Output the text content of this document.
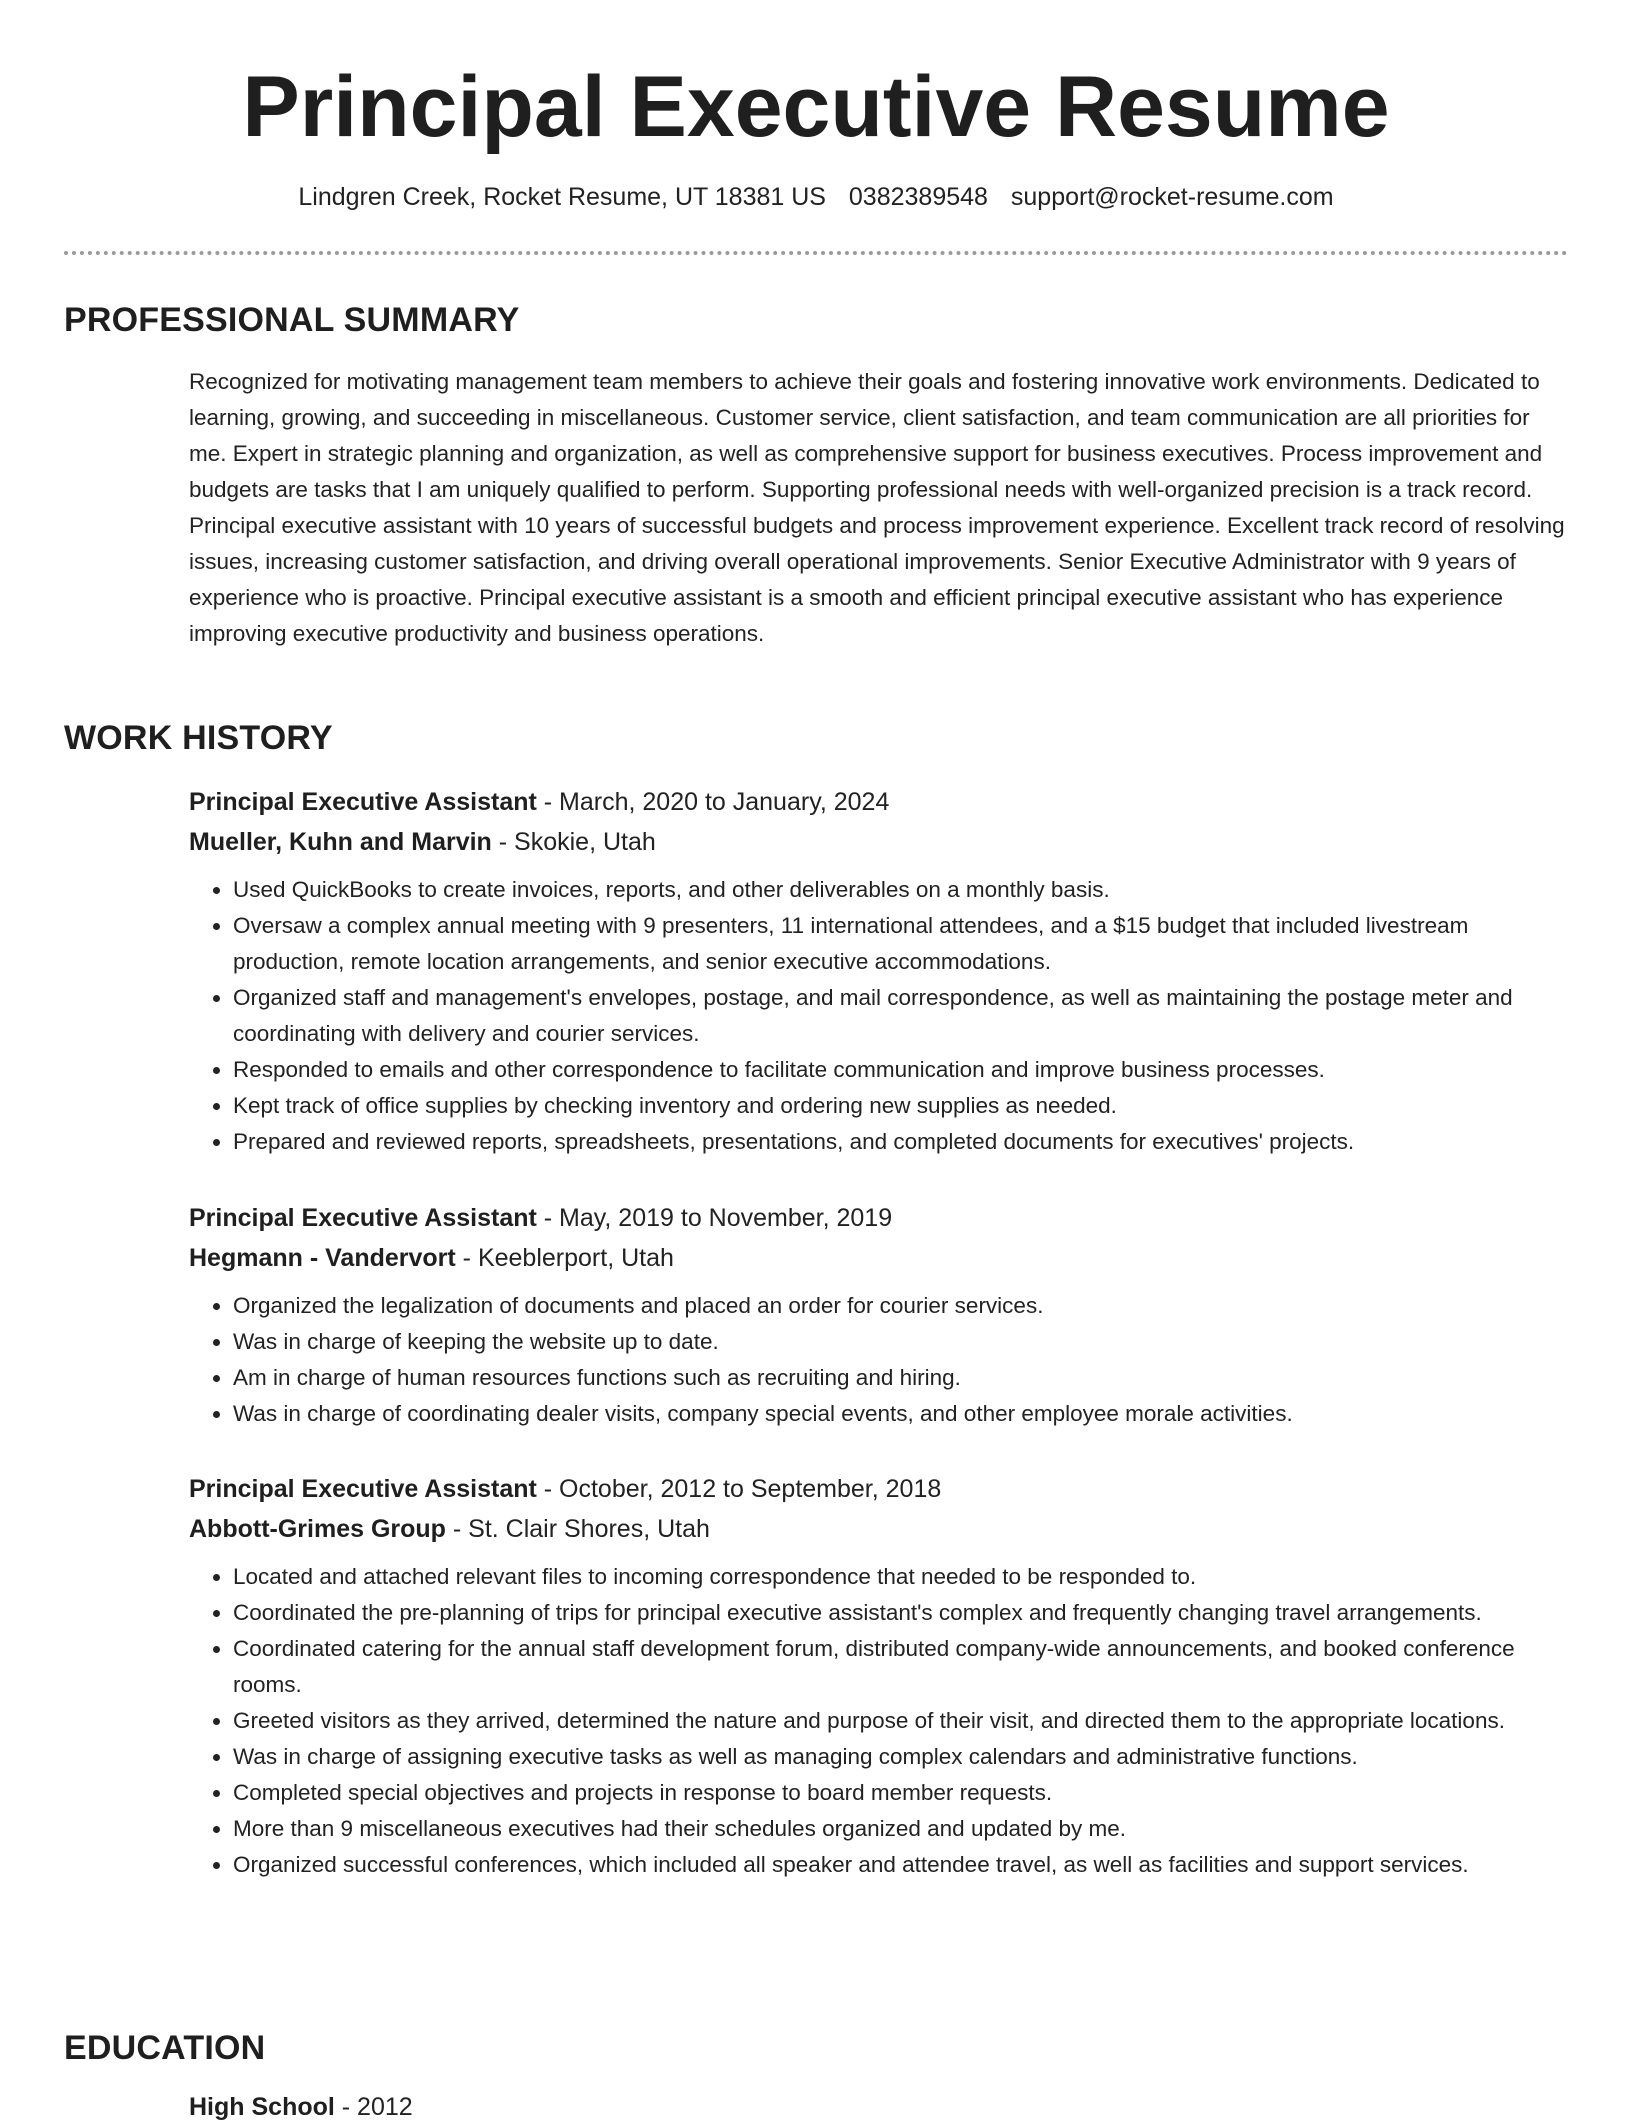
Principal Executive Resume
Lindgren Creek, Rocket Resume, UT 18381 US 0382389548 support@rocket-resume.com
PROFESSIONAL SUMMARY

Recognized for motivating management team members to achieve their goals and fostering innovative work environments. Dedicated to learning, growing, and succeeding in miscellaneous. Customer service, client satisfaction, and team communication are all priorities for me. Expert in strategic planning and organization, as well as comprehensive support for business executives. Process improvement and budgets are tasks that I am uniquely qualified to perform. Supporting professional needs with well-organized precision is a track record. Principal executive assistant with 10 years of successful budgets and process improvement experience. Excellent track record of resolving issues, increasing customer satisfaction, and driving overall operational improvements. Senior Executive Administrator with 9 years of experience who is proactive. Principal executive assistant is a smooth and efficient principal executive assistant who has experience improving executive productivity and business operations.

WORK HISTORY

Principal Executive Assistant - March, 2020 to January, 2024

Mueller, Kuhn and Marvin - Skokie, Utah

• Used QuickBooks to create invoices, reports, and other deliverables on a monthly basis.
• Oversaw a complex annual meeting with 9 presenters, 11 international attendees, and a $15 budget that included livestream production, remote location arrangements, and senior executive accommodations.
• Organized staff and management's envelopes, postage, and mail correspondence, as well as maintaining the postage meter and coordinating with delivery and courier services.
• Responded to emails and other correspondence to facilitate communication and improve business processes.
• Kept track of office supplies by checking inventory and ordering new supplies as needed.
• Prepared and reviewed reports, spreadsheets, presentations, and completed documents for executives' projects.

Principal Executive Assistant - May, 2019 to November, 2019

Hegmann - Vandervort - Keeblerport, Utah

• Organized the legalization of documents and placed an order for courier services.
• Was in charge of keeping the website up to date.
• Am in charge of human resources functions such as recruiting and hiring.
• Was in charge of coordinating dealer visits, company special events, and other employee morale activities.

Principal Executive Assistant - October, 2012 to September, 2018

Abbott-Grimes Group - St. Clair Shores, Utah

• Located and attached relevant files to incoming correspondence that needed to be responded to.
• Coordinated the pre-planning of trips for principal executive assistant's complex and frequently changing travel arrangements.
• Coordinated catering for the annual staff development forum, distributed company-wide announcements, and booked conference rooms.
• Greeted visitors as they arrived, determined the nature and purpose of their visit, and directed them to the appropriate locations.
• Was in charge of assigning executive tasks as well as managing complex calendars and administrative functions.
• Completed special objectives and projects in response to board member requests.
• More than 9 miscellaneous executives had their schedules organized and updated by me.
• Organized successful conferences, which included all speaker and attendee travel, as well as facilities and support services.
EDUCATION

High School - 2012
